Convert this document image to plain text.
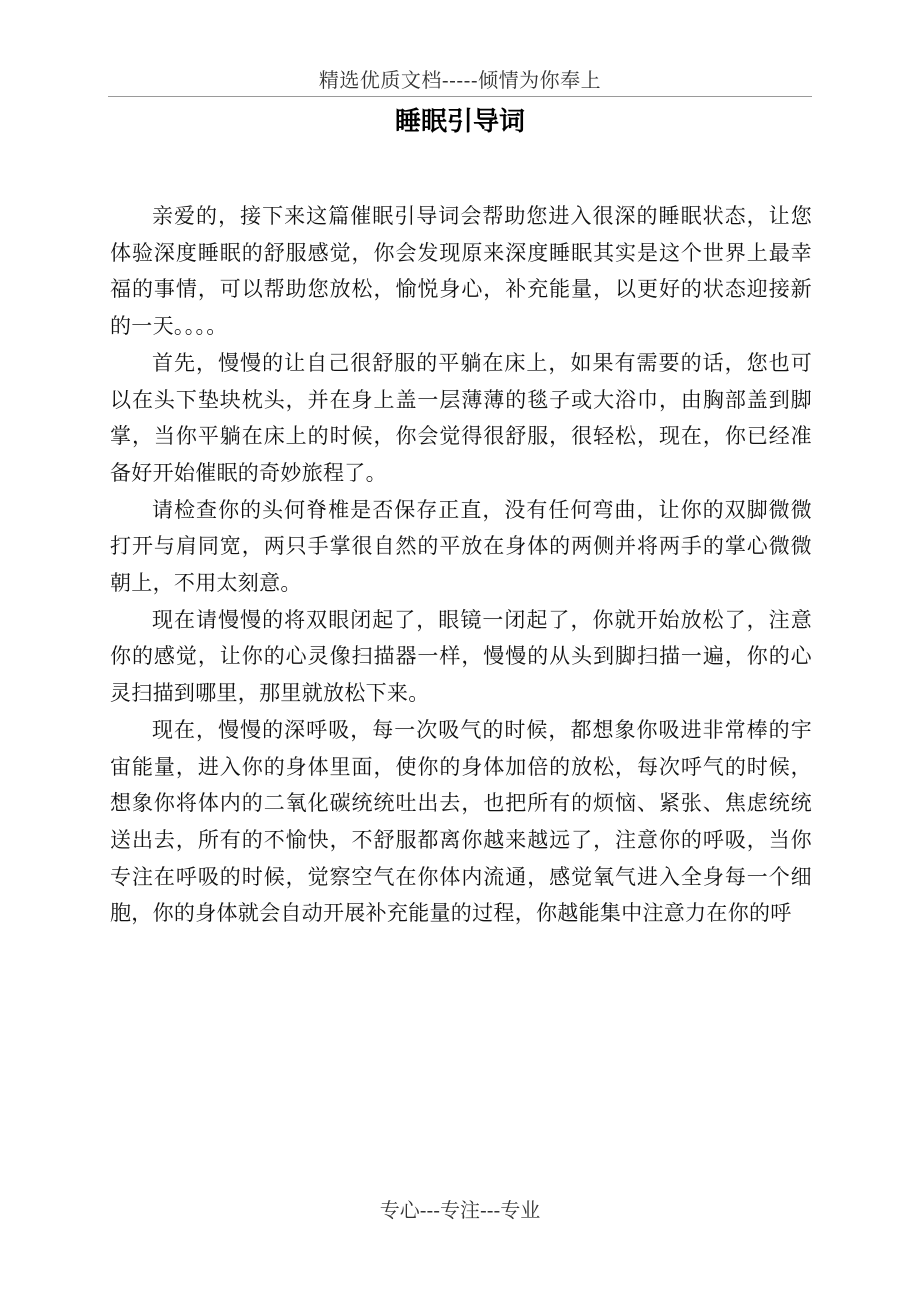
精选优质文档-----倾情为你奉上
睡眠引导词

亲爱的，接下来这篇催眠引导词会帮助您进入很深的睡眠状态，让您体验深度睡眠的舒服感觉，你会发现原来深度睡眠其实是这个世界上最幸福的事情，可以帮助您放松，愉悦身心，补充能量，以更好的状态迎接新的一天。。。。

首先，慢慢的让自己很舒服的平躺在床上，如果有需要的话，您也可以在头下垫块枕头，并在身上盖一层薄薄的毯子或大浴巾，由胸部盖到脚掌，当你平躺在床上的时候，你会觉得很舒服，很轻松，现在，你已经准备好开始催眠的奇妙旅程了。

请检查你的头何脊椎是否保存正直，没有任何弯曲，让你的双脚微微打开与肩同宽，两只手掌很自然的平放在身体的两侧并将两手的掌心微微朝上，不用太刻意。

现在请慢慢的将双眼闭起了，眼镜一闭起了，你就开始放松了，注意你的感觉，让你的心灵像扫描器一样，慢慢的从头到脚扫描一遍，你的心灵扫描到哪里，那里就放松下来。

现在，慢慢的深呼吸，每一次吸气的时候，都想象你吸进非常棒的宇宙能量，进入你的身体里面，使你的身体加倍的放松，每次呼气的时候，想象你将体内的二氧化碳统统吐出去，也把所有的烦恼、紧张、焦虑统统送出去，所有的不愉快，不舒服都离你越来越远了，注意你的呼吸，当你专注在呼吸的时候，觉察空气在你体内流通，感觉氧气进入全身每一个细胞，你的身体就会自动开展补充能量的过程，你越能集中注意力在你的呼

专心---专注---专业
